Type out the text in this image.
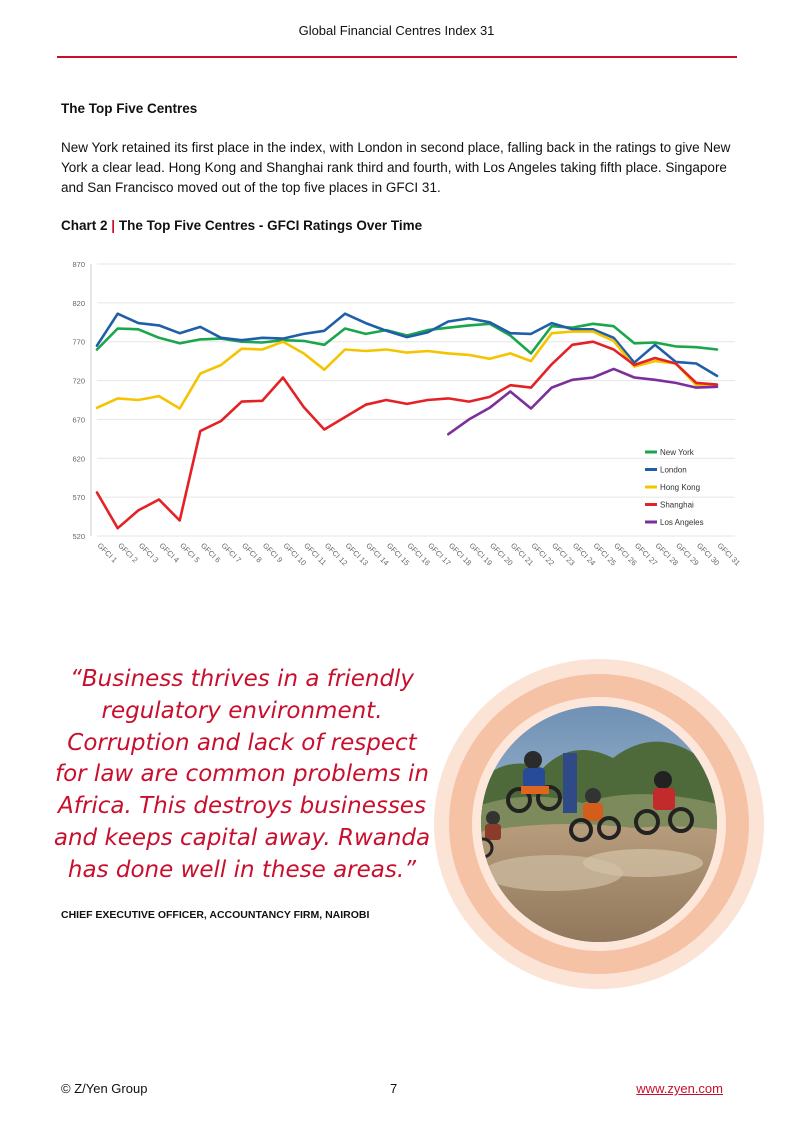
Global Financial Centres Index 31
The Top Five Centres
New York retained its first place in the index, with London in second place, falling back in the ratings to give New York a clear lead. Hong Kong and Shanghai rank third and fourth, with Los Angeles taking fifth place. Singapore and San Francisco moved out of the top five places in GFCI 31.
Chart 2 | The Top Five Centres - GFCI Ratings Over Time
520
570
620
670
720
770
820
870
GFCI 1
GFCI 2
GFCI 3
GFCI 4
GFCI 5
GFCI 6
GFCI 7
GFCI 8
GFCI 9
GFCI 10
GFCI 11
GFCI 12
GFCI 13
GFCI 14
GFCI 15
GFCI 16
GFCI 17
GFCI 18
GFCI 19
GFCI 20
GFCI 21
GFCI 22
GFCI 23
GFCI 24
GFCI 25
GFCI 26
GFCI 27
GFCI 28
GFCI 29
GFCI 30
GFCI 31
New York
London
Hong Kong
Shanghai
Los Angeles
“Business thrives in a friendly
regulatory environment.
Corruption and lack of respect
for law are common problems in
Africa. This destroys businesses
and keeps capital away. Rwanda
has done well in these areas.”
CHIEF EXECUTIVE OFFICER, ACCOUNTANCY FIRM, NAIROBI
© Z/Yen Group	7	www.zyen.com
